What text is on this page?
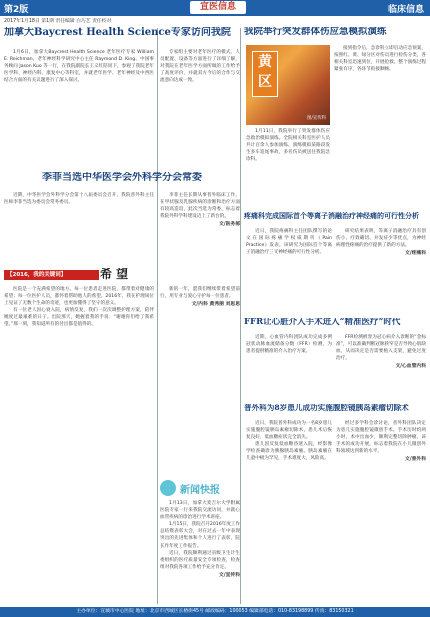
第2版	宣医信息	临床信息
2017年1月18日 第1期 责任编辑 白巧艺 责任校对
加拿大Baycrest Health Science专家访问我院

1月6日，加拿大Baycrest Health Science 老年医疗专家 William E. Reichman、老年神经科学研究中心主任 Raymond D. King、中国事务顾问 Jason Kuo 等一行，在我院副院长王义红陪同下，参观了我院老年医学科、神经内科、康复中心等科室，并就老年医学、老年神经及中西医结合方面的有关议题进行了深入探讨。

专家组主要对老年医疗的模式、人员配置、设备等方面进行了详细了解，对我院在老年医学方面所做的工作给予了高度评价，并就双方今后的合作与交流意向达成一致。

李菲当选中华医学会外科学分会常委

近期，中华医学会外科学分会第十八届委员会召开，我院普外科主任医师李菲当选为委员会常务委员。

李菲主任长期从事普外临床工作，在甲状腺及乳腺疾病的诊断和治疗方面有较高造诣，此次当选为常委，标志着我院外科学科建设迈上了新台阶。

文/医务部
【2016，我的关键词】	希 望

医院是一个充满希望的地方。每一位患者走进医院，都带着对健康的希望；每一位医护人员，都怀着帮助他人的希望。2016年，我在护理岗位上见证了无数个生命的奇迹，也更加懂得了坚守的意义。

有一位老人因心衰入院，病情反复，我们一次次调整护理方案，陪伴她度过最艰难的日子。出院那天，她握着我的手说：“谢谢你们给了我希望。”那一刻，我知道所有的付出都是值得的。

新的一年，愿我们继续带着希望前行，用专业与爱心守护每一位患者。

文/内科 黄秀丽 刘思思
新闻快报

1月13日，加拿大麦吉尔大学附属医院专家一行来我院交流访问，并就心血管疾病的诊治进行学术讲座。

1月15日，我院召开2016年度工作总结暨表彰大会，对在过去一年中表现突出的先进集体和个人进行了表彰，院长作年度工作报告。

近日，我院顺利通过省级卫生计生委组织的医疗质量安全专项检查，检查组对我院各项工作给予充分肯定。

文/宣传科
我院举行突发群体伤应急模拟演练
黄区
图/宣传科

接到指令后，急诊科立即启动应急预案，按照红、黄、绿分区对伤员进行检伤分类，各相关科室迅速到位，开展抢救。整个演练过程紧张有序，各环节衔接顺畅。

1月11日，我院举行了突发群体伤应急救治模拟演练。全院相关科室医护人员共计百余人参加演练。演练模拟某路段发生多车追尾事故，多名伤员被送往我院急诊科。

疼痛科完成国际首个等离子消融治疗神经痛的可行性分析

近日，我院疼痛科主任团队撰写的论文在国际疼痛学权威期刊《Pain Practice》发表，该研究为国际首个等离子消融治疗三叉神经痛的可行性分析。

研究结果表明，等离子消融治疗具有创伤小、疗效确切、并发症少等优点，为神经病理性疼痛的治疗提供了新的方法。

文/疼痛科
FFR让心脏介入手术进入“精准医疗”时代

近期，心血管内科团队成功完成多例冠状动脉血流储备分数（FFR）检测，为患者提供精准的介入治疗方案。

FFR检测被誉为冠心病介入诊断的“金标准”，可以准确判断冠脉狭窄是否导致心肌缺血，从而决定是否需要植入支架，避免过度治疗。

文/心血管内科
普外科为8岁患儿成功实施腹腔镜胰岛素瘤切除术

近日，我院普外科成功为一名8岁患儿实施腹腔镜胰岛素瘤切除术，患儿术后恢复良好，低血糖症状完全消失。

患儿因反复低血糖昏迷入院，经影像学检查确诊为胰腺胰岛素瘤。胰岛素瘤在儿童中极为罕见，手术难度大，风险高。

经过多学科会诊讨论，普外科团队决定为患儿实施腹腔镜微创手术。手术历时约两小时，术中出血少，顺利完整切除肿瘤。该手术的成功开展，标志着我院在小儿微创外科领域达到新的水平。

文/普外科
主办单位：宣城市中心医院 地址：北京市西城区长椿街45号 邮政编码：100053 编辑部电话：010-83198899 传真：83150321
